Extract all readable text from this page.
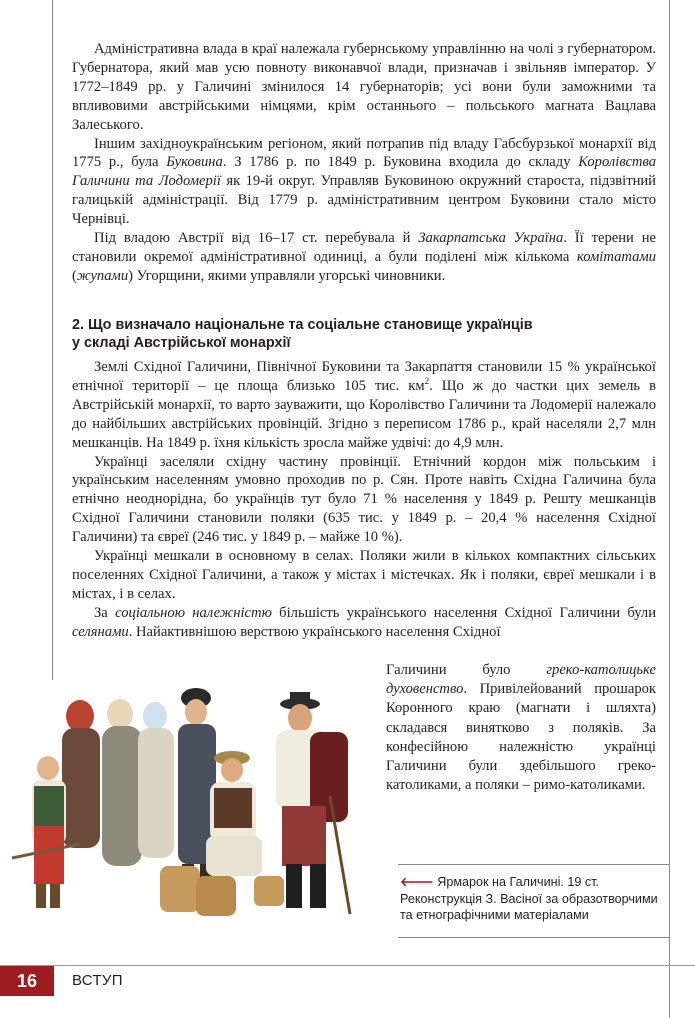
Адміністративна влада в краї належала губернському управлінню на чолі з губернатором. Губернатора, який мав усю повноту виконавчої влади, призначав і звільняв імператор. У 1772–1849 рр. у Галичині змінилося 14 губернаторів; усі вони були заможними та впливовими австрійськими німцями, крім останнього – польського магната Вацлава Залеського.

Іншим західноукраїнським регіоном, який потрапив під владу Габсбурзької монархії від 1775 р., була Буковина. З 1786 р. по 1849 р. Буковина входила до складу Королівства Галичини та Лодомерії як 19-й округ. Управляв Буковиною окружний староста, підзвітний галицькій адміністрації. Від 1779 р. адміністративним центром Буковини стало місто Чернівці.

Під владою Австрії від 16–17 ст. перебувала й Закарпатська Україна. Її терени не становили окремої адміністративної одиниці, а були поділені між кількома комітатами (жупами) Угорщини, якими управляли угорські чиновники.

2. Що визначало національне та соціальне становище українців
у складі Австрійської монархії

Землі Східної Галичини, Північної Буковини та Закарпаття становили 15 % української етнічної території – це площа близько 105 тис. $км^2$. Що ж до частки цих земель в Австрійській монархії, то варто зауважити, що Королівство Галичини та Лодомерії належало до найбільших австрійських провінцій. Згідно з переписом 1786 р., край населяли 2,7 млн мешканців. На 1849 р. їхня кількість зросла майже удвічі: до 4,9 млн.

Українці заселяли східну частину провінції. Етнічний кордон між польським і українським населенням умовно проходив по р. Сян. Проте навіть Східна Галичина була етнічно неоднорідна, бо українців тут було 71 % населення у 1849 р. Решту мешканців Східної Галичини становили поляки (635 тис. у 1849 р. – 20,4 % населення Східної Галичини) та євреї (246 тис. у 1849 р. – майже 10 %).

Українці мешкали в основному в селах. Поляки жили в кількох компактних сільських поселеннях Східної Галичини, а також у містах і містечках. Як і поляки, євреї мешкали і в містах, і в селах.

За соціальною належністю більшість українського населення Східної Галичини були селянами. Найактивнішою верствою українського населення Східної

Галичини було греко-католицьке духовенство. Привілейований прошарок Коронного краю (магнати і шляхта) складався винятково з поляків. За конфесійною належністю українці Галичини були здебільшого греко-католиками, а поляки – римо-католиками.

🡐 Ярмарок на Галичині. 19 ст. Реконструкція З. Васіної за образотворчими та етнографічними матеріалами
16	ВСТУП
